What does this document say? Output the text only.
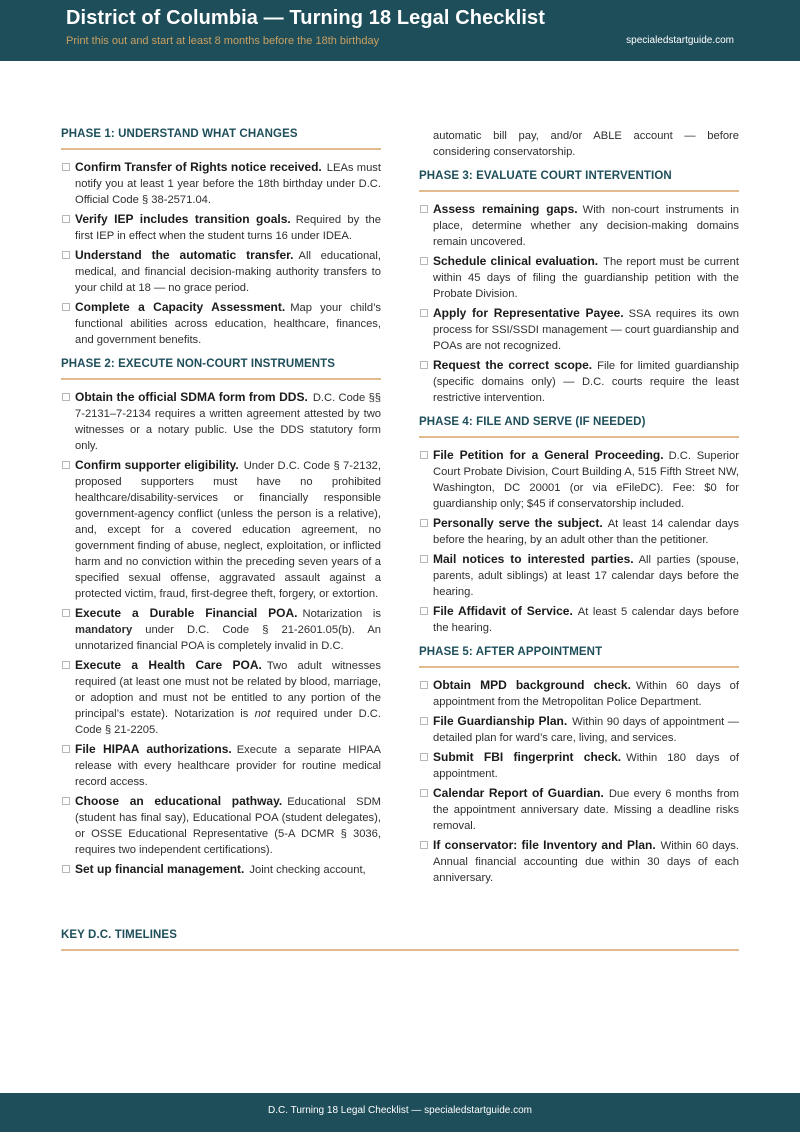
District of Columbia — Turning 18 Legal Checklist
Print this out and start at least 8 months before the 18th birthday	specialedstartguide.com
PHASE 1: UNDERSTAND WHAT CHANGES
Confirm Transfer of Rights notice received. LEAs must notify you at least 1 year before the 18th birthday under D.C. Official Code § 38-2571.04.
Verify IEP includes transition goals. Required by the first IEP in effect when the student turns 16 under IDEA.
Understand the automatic transfer. All educational, medical, and financial decision-making authority transfers to your child at 18 — no grace period.
Complete a Capacity Assessment. Map your child’s functional abilities across education, healthcare, finances, and government benefits.
PHASE 2: EXECUTE NON-COURT INSTRUMENTS
Obtain the official SDMA form from DDS. D.C. Code §§ 7-2131–7-2134 requires a written agreement attested by two witnesses or a notary public. Use the DDS statutory form only.
Confirm supporter eligibility. Under D.C. Code § 7-2132, proposed supporters must have no prohibited healthcare/disability-services or financially responsible government-agency conflict (unless the person is a relative), and, except for a covered education agreement, no government finding of abuse, neglect, exploitation, or inflicted harm and no conviction within the preceding seven years of a specified sexual offense, aggravated assault against a protected victim, fraud, first-degree theft, forgery, or extortion.
Execute a Durable Financial POA. Notarization is mandatory under D.C. Code § 21-2601.05(b). An unnotarized financial POA is completely invalid in D.C.
Execute a Health Care POA. Two adult witnesses required (at least one must not be related by blood, marriage, or adoption and must not be entitled to any portion of the principal’s estate). Notarization is not required under D.C. Code § 21-2205.
File HIPAA authorizations. Execute a separate HIPAA release with every healthcare provider for routine medical record access.
Choose an educational pathway. Educational SDM (student has final say), Educational POA (student delegates), or OSSE Educational Representative (5-A DCMR § 3036, requires two independent certifications).
Set up financial management. Joint checking account,
automatic bill pay, and/or ABLE account — before considering conservatorship.
PHASE 3: EVALUATE COURT INTERVENTION
Assess remaining gaps. With non-court instruments in place, determine whether any decision-making domains remain uncovered.
Schedule clinical evaluation. The report must be current within 45 days of filing the guardianship petition with the Probate Division.
Apply for Representative Payee. SSA requires its own process for SSI/SSDI management — court guardianship and POAs are not recognized.
Request the correct scope. File for limited guardianship (specific domains only) — D.C. courts require the least restrictive intervention.
PHASE 4: FILE AND SERVE (IF NEEDED)
File Petition for a General Proceeding. D.C. Superior Court Probate Division, Court Building A, 515 Fifth Street NW, Washington, DC 20001 (or via eFileDC). Fee: $0 for guardianship only; $45 if conservatorship included.
Personally serve the subject. At least 14 calendar days before the hearing, by an adult other than the petitioner.
Mail notices to interested parties. All parties (spouse, parents, adult siblings) at least 17 calendar days before the hearing.
File Affidavit of Service. At least 5 calendar days before the hearing.
PHASE 5: AFTER APPOINTMENT
Obtain MPD background check. Within 60 days of appointment from the Metropolitan Police Department.
File Guardianship Plan. Within 90 days of appointment — detailed plan for ward’s care, living, and services.
Submit FBI fingerprint check. Within 180 days of appointment.
Calendar Report of Guardian. Due every 6 months from the appointment anniversary date. Missing a deadline risks removal.
If conservator: file Inventory and Plan. Within 60 days. Annual financial accounting due within 30 days of each anniversary.
KEY D.C. TIMELINES
D.C. Turning 18 Legal Checklist — specialedstartguide.com
